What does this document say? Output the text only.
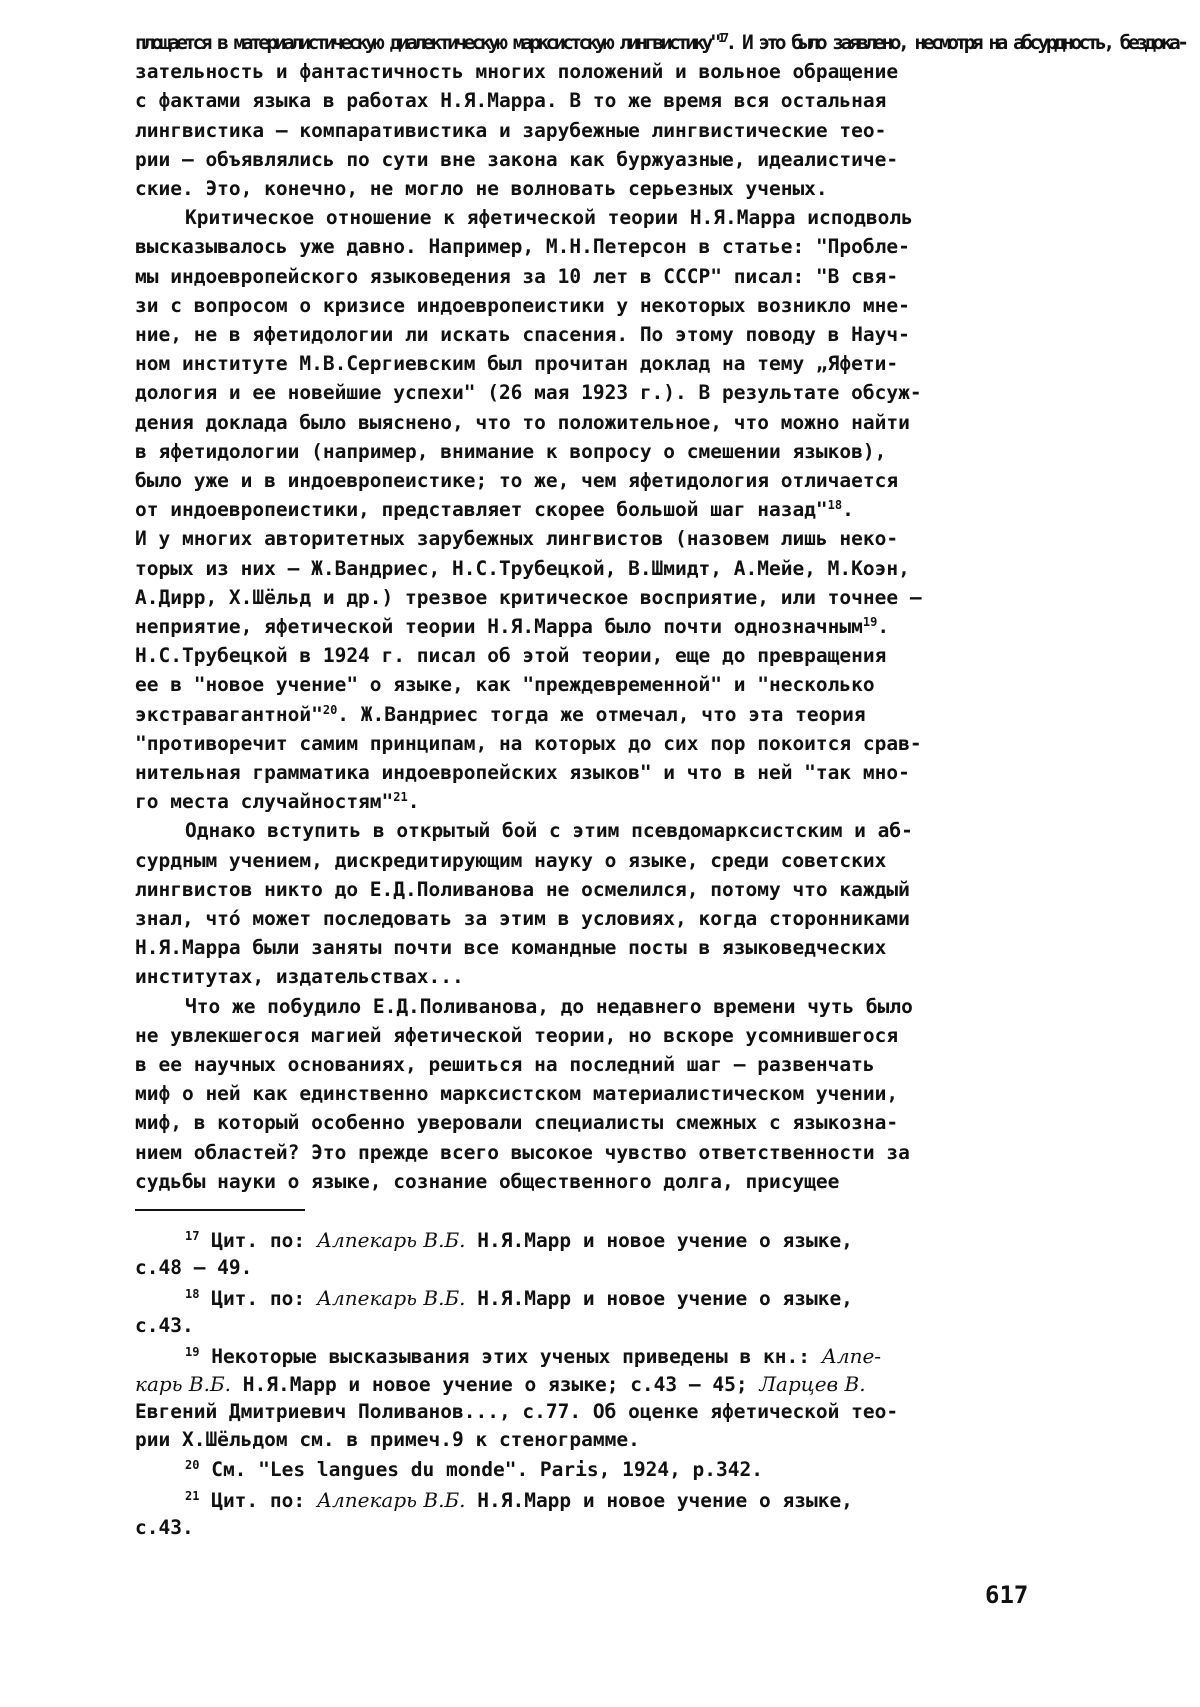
площается в материалистическую диалектическую марксистскую лингвистику"$^{17}$. И это было заявлено, несмотря на абсурдность, бездока-
зательность и фантастичность многих положений и вольное обращение
с фактами языка в работах Н.Я.Марра. В то же время вся остальная
лингвистика — компаративистика и зарубежные лингвистические тео-
рии — объявлялись по сути вне закона как буржуазные, идеалистиче-
ские. Это, конечно, не могло не волновать серьезных ученых.
Критическое отношение к яфетической теории Н.Я.Марра исподволь
высказывалось уже давно. Например, М.Н.Петерсон в статье: "Пробле-
мы индоевропейского языковедения за 10 лет в СССР" писал: "В свя-
зи с вопросом о кризисе индоевропеистики у некоторых возникло мне-
ние, не в яфетидологии ли искать спасения. По этому поводу в Науч-
ном институте М.В.Сергиевским был прочитан доклад на тему „Яфети-
дология и ее новейшие успехи" (26 мая 1923 г.). В результате обсуж-
дения доклада было выяснено, что то положительное, что можно найти
в яфетидологии (например, внимание к вопросу о смешении языков),
было уже и в индоевропеистике; то же, чем яфетидология отличается
от индоевропеистики, представляет скорее большой шаг назад"$^{18}$.
И у многих авторитетных зарубежных лингвистов (назовем лишь неко-
торых из них — Ж.Вандриес, Н.С.Трубецкой, В.Шмидт, А.Мейе, М.Коэн,
А.Дирр, Х.Шёльд и др.) трезвое критическое восприятие, или точнее —
неприятие, яфетической теории Н.Я.Марра было почти однозначным$^{19}$.
Н.С.Трубецкой в 1924 г. писал об этой теории, еще до превращения
ее в "новое учение" о языке, как "преждевременной" и "несколько
экстравагантной"$^{20}$. Ж.Вандриес тогда же отмечал, что эта теория
"противоречит самим принципам, на которых до сих пор покоится срав-
нительная грамматика индоевропейских языков" и что в ней "так мно-
го места случайностям"$^{21}$.
Однако вступить в открытый бой с этим псевдомарксистским и аб-
сурдным учением, дискредитирующим науку о языке, среди советских
лингвистов никто до Е.Д.Поливанова не осмелился, потому что каждый
знал, что́ может последовать за этим в условиях, когда сторонниками
Н.Я.Марра были заняты почти все командные посты в языковедческих
институтах, издательствах...
Что же побудило Е.Д.Поливанова, до недавнего времени чуть было
не увлекшегося магией яфетической теории, но вскоре усомнившегося
в ее научных основаниях, решиться на последний шаг — развенчать
миф о ней как единственно марксистском материалистическом учении,
миф, в который особенно уверовали специалисты смежных с языкозна-
нием областей? Это прежде всего высокое чувство ответственности за
судьбы науки о языке, сознание общественного долга, присущее
$^{17}$ Цит. по: Алпекарь В.Б. Н.Я.Марр и новое учение о языке,
с.48 — 49.
$^{18}$ Цит. по: Алпекарь В.Б. Н.Я.Марр и новое учение о языке,
с.43.
$^{19}$ Некоторые высказывания этих ученых приведены в кн.: Алпе-
карь В.Б. Н.Я.Марр и новое учение о языке; с.43 — 45; Ларцев В.
Евгений Дмитриевич Поливанов..., с.77. Об оценке яфетической тео-
рии Х.Шёльдом см. в примеч.9 к стенограмме.
$^{20}$ См. "Les langues du monde". Paris, 1924, p.342.
$^{21}$ Цит. по: Алпекарь В.Б. Н.Я.Марр и новое учение о языке,
с.43.
617
